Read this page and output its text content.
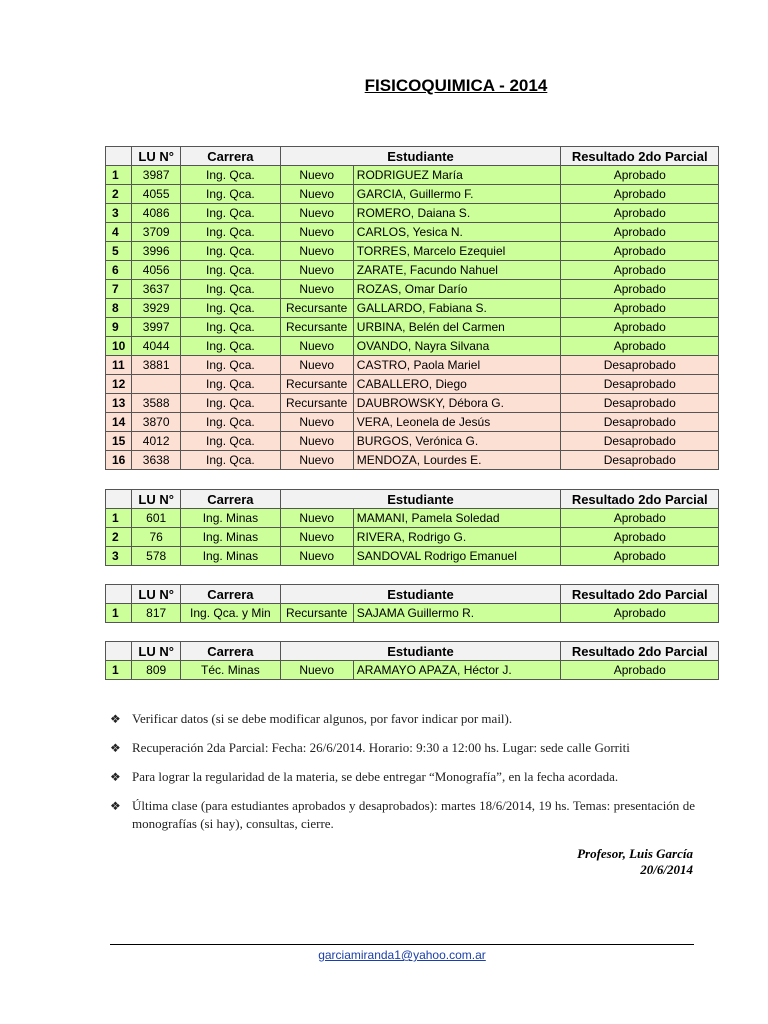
FISICOQUIMICA - 2014
	LU N°	Carrera	Estudiante		Resultado 2do Parcial
1	3987	Ing. Qca.	Nuevo	RODRIGUEZ María	Aprobado
2	4055	Ing. Qca.	Nuevo	GARCIA, Guillermo F.	Aprobado
3	4086	Ing. Qca.	Nuevo	ROMERO, Daiana S.	Aprobado
4	3709	Ing. Qca.	Nuevo	CARLOS, Yesica N.	Aprobado
5	3996	Ing. Qca.	Nuevo	TORRES, Marcelo Ezequiel	Aprobado
6	4056	Ing. Qca.	Nuevo	ZARATE, Facundo Nahuel	Aprobado
7	3637	Ing. Qca.	Nuevo	ROZAS, Omar Darío	Aprobado
8	3929	Ing. Qca.	Recursante	GALLARDO, Fabiana S.	Aprobado
9	3997	Ing. Qca.	Recursante	URBINA, Belén del Carmen	Aprobado
10	4044	Ing. Qca.	Nuevo	OVANDO, Nayra Silvana	Aprobado
11	3881	Ing. Qca.	Nuevo	CASTRO, Paola Mariel	Desaprobado
12		Ing. Qca.	Recursante	CABALLERO, Diego	Desaprobado
13	3588	Ing. Qca.	Recursante	DAUBROWSKY, Débora G.	Desaprobado
14	3870	Ing. Qca.	Nuevo	VERA, Leonela de Jesús	Desaprobado
15	4012	Ing. Qca.	Nuevo	BURGOS, Verónica G.	Desaprobado
16	3638	Ing. Qca.	Nuevo	MENDOZA, Lourdes E.	Desaprobado
	LU N°	Carrera	Estudiante		Resultado 2do Parcial
1	601	Ing. Minas	Nuevo	MAMANI, Pamela Soledad	Aprobado
2	76	Ing. Minas	Nuevo	RIVERA, Rodrigo G.	Aprobado
3	578	Ing. Minas	Nuevo	SANDOVAL Rodrigo Emanuel	Aprobado
	LU N°	Carrera	Estudiante		Resultado 2do Parcial
1	817	Ing. Qca. y Min	Recursante	SAJAMA Guillermo R.	Aprobado
	LU N°	Carrera	Estudiante		Resultado 2do Parcial
1	809	Téc. Minas	Nuevo	ARAMAYO APAZA, Héctor J.	Aprobado
❖ Verificar datos (si se debe modificar algunos, por favor indicar por mail).
❖ Recuperación 2da Parcial: Fecha: 26/6/2014. Horario: 9:30 a 12:00 hs. Lugar: sede calle Gorriti
❖ Para lograr la regularidad de la materia, se debe entregar “Monografía”, en la fecha acordada.
❖ Última clase (para estudiantes aprobados y desaprobados): martes 18/6/2014, 19 hs. Temas: presentación de monografías (si hay), consultas, cierre.
Profesor, Luis García
20/6/2014
garciamiranda1@yahoo.com.ar
